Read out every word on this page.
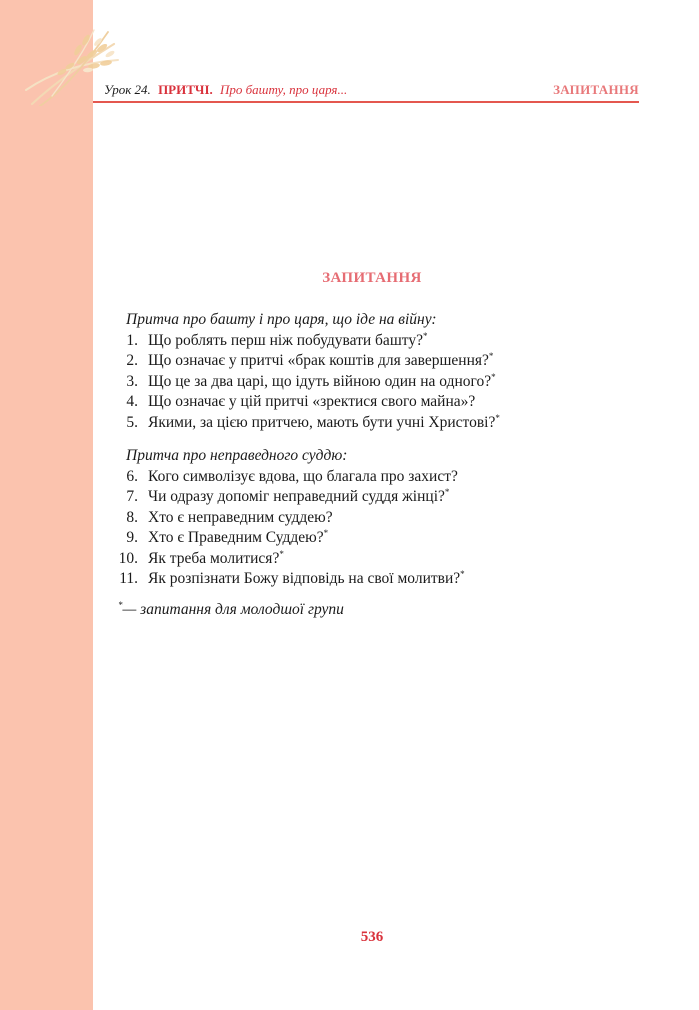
Урок 24. ПРИТЧІ. Про башту, про царя...	ЗАПИТАННЯ
ЗАПИТАННЯ
Притча про башту і про царя, що іде на війну:
1. Що роблять перш ніж побудувати башту?*
2. Що означає у притчі «брак коштів для завершення?*
3. Що це за два царі, що ідуть війною один на одного?*
4. Що означає у цій притчі «зректися свого майна»?
5. Якими, за цією притчею, мають бути учні Христові?*
Притча про неправедного суддю:
6. Кого символізує вдова, що благала про захист?
7. Чи одразу допоміг неправедний суддя жінці?*
8. Хто є неправедним суддею?
9. Хто є Праведним Суддею?*
10. Як треба молитися?*
11. Як розпізнати Божу відповідь на свої молитви?*
*— запитання для молодшої групи
536
